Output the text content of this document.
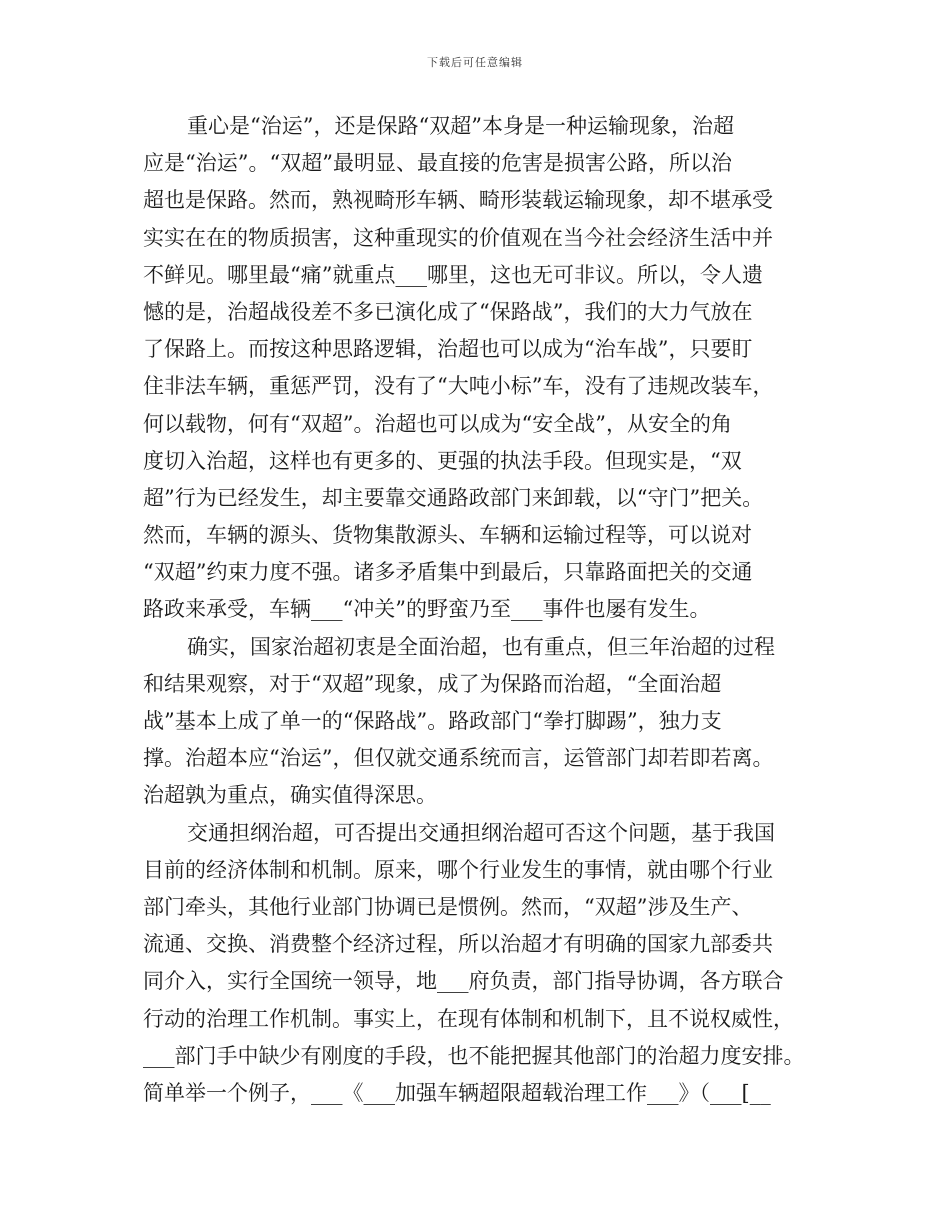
下载后可任意编辑
重心是“治运”，还是保路“双超”本身是一种运输现象，治超
应是“治运”。“双超”最明显、最直接的危害是损害公路，所以治
超也是保路。然而，熟视畸形车辆、畸形装载运输现象，却不堪承受
实实在在的物质损害，这种重现实的价值观在当今社会经济生活中并
不鲜见。哪里最“痛”就重点___哪里，这也无可非议。所以，令人遗
憾的是，治超战役差不多已演化成了“保路战”，我们的大力气放在
了保路上。而按这种思路逻辑，治超也可以成为“治车战”，只要盯
住非法车辆，重惩严罚，没有了“大吨小标”车，没有了违规改装车，
何以载物，何有“双超”。治超也可以成为“安全战”，从安全的角
度切入治超，这样也有更多的、更强的执法手段。但现实是，“双
超”行为已经发生，却主要靠交通路政部门来卸载，以“守门”把关。
然而，车辆的源头、货物集散源头、车辆和运输过程等，可以说对
“双超”约束力度不强。诸多矛盾集中到最后，只靠路面把关的交通
路政来承受，车辆___“冲关”的野蛮乃至___事件也屡有发生。
确实，国家治超初衷是全面治超，也有重点，但三年治超的过程
和结果观察，对于“双超”现象，成了为保路而治超，“全面治超
战”基本上成了单一的“保路战”。路政部门“拳打脚踢”，独力支
撑。治超本应“治运”，但仅就交通系统而言，运管部门却若即若离。
治超孰为重点，确实值得深思。
交通担纲治超，可否提出交通担纲治超可否这个问题，基于我国
目前的经济体制和机制。原来，哪个行业发生的事情，就由哪个行业
部门牵头，其他行业部门协调已是惯例。然而，“双超”涉及生产、
流通、交换、消费整个经济过程，所以治超才有明确的国家九部委共
同介入，实行全国统一领导，地___府负责，部门指导协调，各方联合
行动的治理工作机制。事实上，在现有体制和机制下，且不说权威性，
___部门手中缺少有刚度的手段，也不能把握其他部门的治超力度安排。
简单举一个例子，___《___加强车辆超限超载治理工作___》（___[__
